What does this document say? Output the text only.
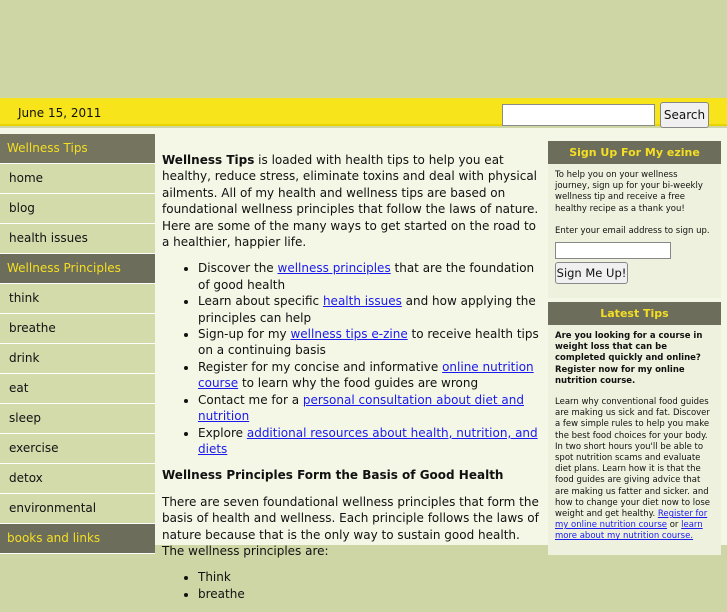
June 15, 2011	Search
Wellness Tips
home
blog
health issues
Wellness Principles
think
breathe
drink
eat
sleep
exercise
detox
environmental
books and links

Wellness Tips is loaded with health tips to help you eat healthy, reduce stress, eliminate toxins and deal with physical ailments. All of my health and wellness tips are based on foundational wellness principles that follow the laws of nature. Here are some of the many ways to get started on the road to a healthier, happier life.

• Discover the wellness principles that are the foundation of good health
• Learn about specific health issues and how applying the principles can help
• Sign-up for my wellness tips e-zine to receive health tips on a continuing basis
• Register for my concise and informative online nutrition course to learn why the food guides are wrong
• Contact me for a personal consultation about diet and nutrition
• Explore additional resources about health, nutrition, and diets
Wellness Principles Form the Basis of Good Health

There are seven foundational wellness principles that form the basis of health and wellness. Each principle follows the laws of nature because that is the only way to sustain good health. The wellness principles are:

• Think
• breathe
Sign Up For My ezine

To help you on your wellness journey, sign up for your bi-weekly wellness tip and receive a free healthy recipe as a thank you!

Enter your email address to sign up.

Sign Me Up!
Latest Tips

Are you looking for a course in weight loss that can be completed quickly and online? Register now for my online nutrition course.

Learn why conventional food guides are making us sick and fat. Discover a few simple rules to help you make the best food choices for your body. In two short hours you'll be able to spot nutrition scams and evaluate diet plans. Learn how it is that the food guides are giving advice that are making us fatter and sicker. and how to change your diet now to lose weight and get healthy. Register for my online nutrition course or learn more about my nutrition course.
